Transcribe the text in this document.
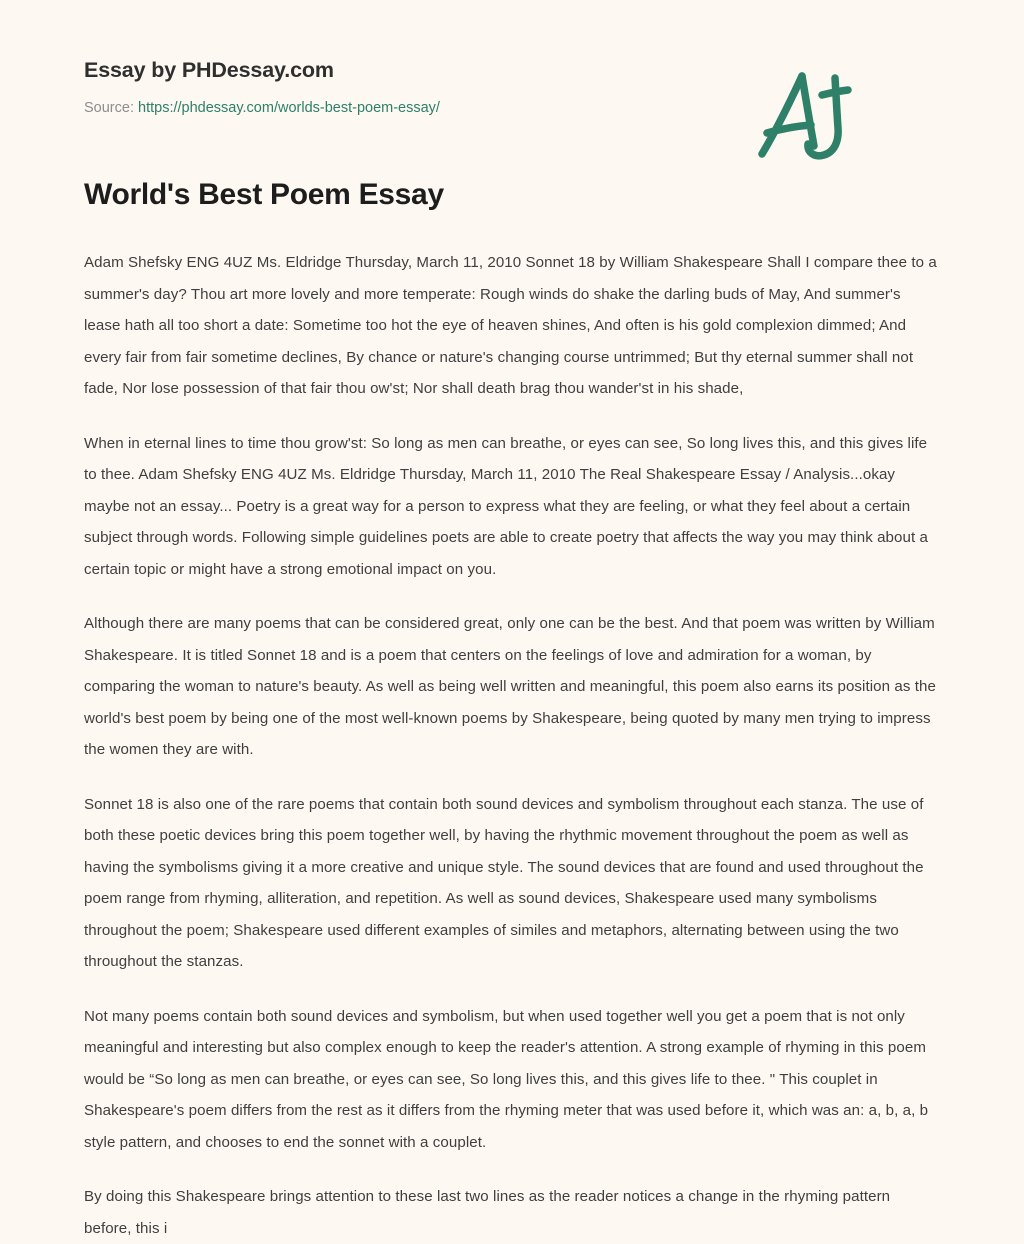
Essay by PHDessay.com
Source: https://phdessay.com/worlds-best-poem-essay/
World's Best Poem Essay

Adam Shefsky ENG 4UZ Ms. Eldridge Thursday, March 11, 2010 Sonnet 18 by William Shakespeare Shall I compare thee to a summer's day? Thou art more lovely and more temperate: Rough winds do shake the darling buds of May, And summer's lease hath all too short a date: Sometime too hot the eye of heaven shines, And often is his gold complexion dimmed; And every fair from fair sometime declines, By chance or nature's changing course untrimmed; But thy eternal summer shall not fade, Nor lose possession of that fair thou ow'st; Nor shall death brag thou wander'st in his shade,

When in eternal lines to time thou grow'st: So long as men can breathe, or eyes can see, So long lives this, and this gives life to thee. Adam Shefsky ENG 4UZ Ms. Eldridge Thursday, March 11, 2010 The Real Shakespeare Essay / Analysis...okay maybe not an essay... Poetry is a great way for a person to express what they are feeling, or what they feel about a certain subject through words. Following simple guidelines poets are able to create poetry that affects the way you may think about a certain topic or might have a strong emotional impact on you.

Although there are many poems that can be considered great, only one can be the best. And that poem was written by William Shakespeare. It is titled Sonnet 18 and is a poem that centers on the feelings of love and admiration for a woman, by comparing the woman to nature's beauty. As well as being well written and meaningful, this poem also earns its position as the world's best poem by being one of the most well-known poems by Shakespeare, being quoted by many men trying to impress the women they are with.

Sonnet 18 is also one of the rare poems that contain both sound devices and symbolism throughout each stanza. The use of both these poetic devices bring this poem together well, by having the rhythmic movement throughout the poem as well as having the symbolisms giving it a more creative and unique style. The sound devices that are found and used throughout the poem range from rhyming, alliteration, and repetition. As well as sound devices, Shakespeare used many symbolisms throughout the poem; Shakespeare used different examples of similes and metaphors, alternating between using the two throughout the stanzas.

Not many poems contain both sound devices and symbolism, but when used together well you get a poem that is not only meaningful and interesting but also complex enough to keep the reader's attention. A strong example of rhyming in this poem would be “So long as men can breathe, or eyes can see, So long lives this, and this gives life to thee. " This couplet in Shakespeare's poem differs from the rest as it differs from the rhyming meter that was used before it, which was an: a, b, a, b style pattern, and chooses to end the sonnet with a couplet.

By doing this Shakespeare brings attention to these last two lines as the reader notices a change in the rhyming pattern before, this i
